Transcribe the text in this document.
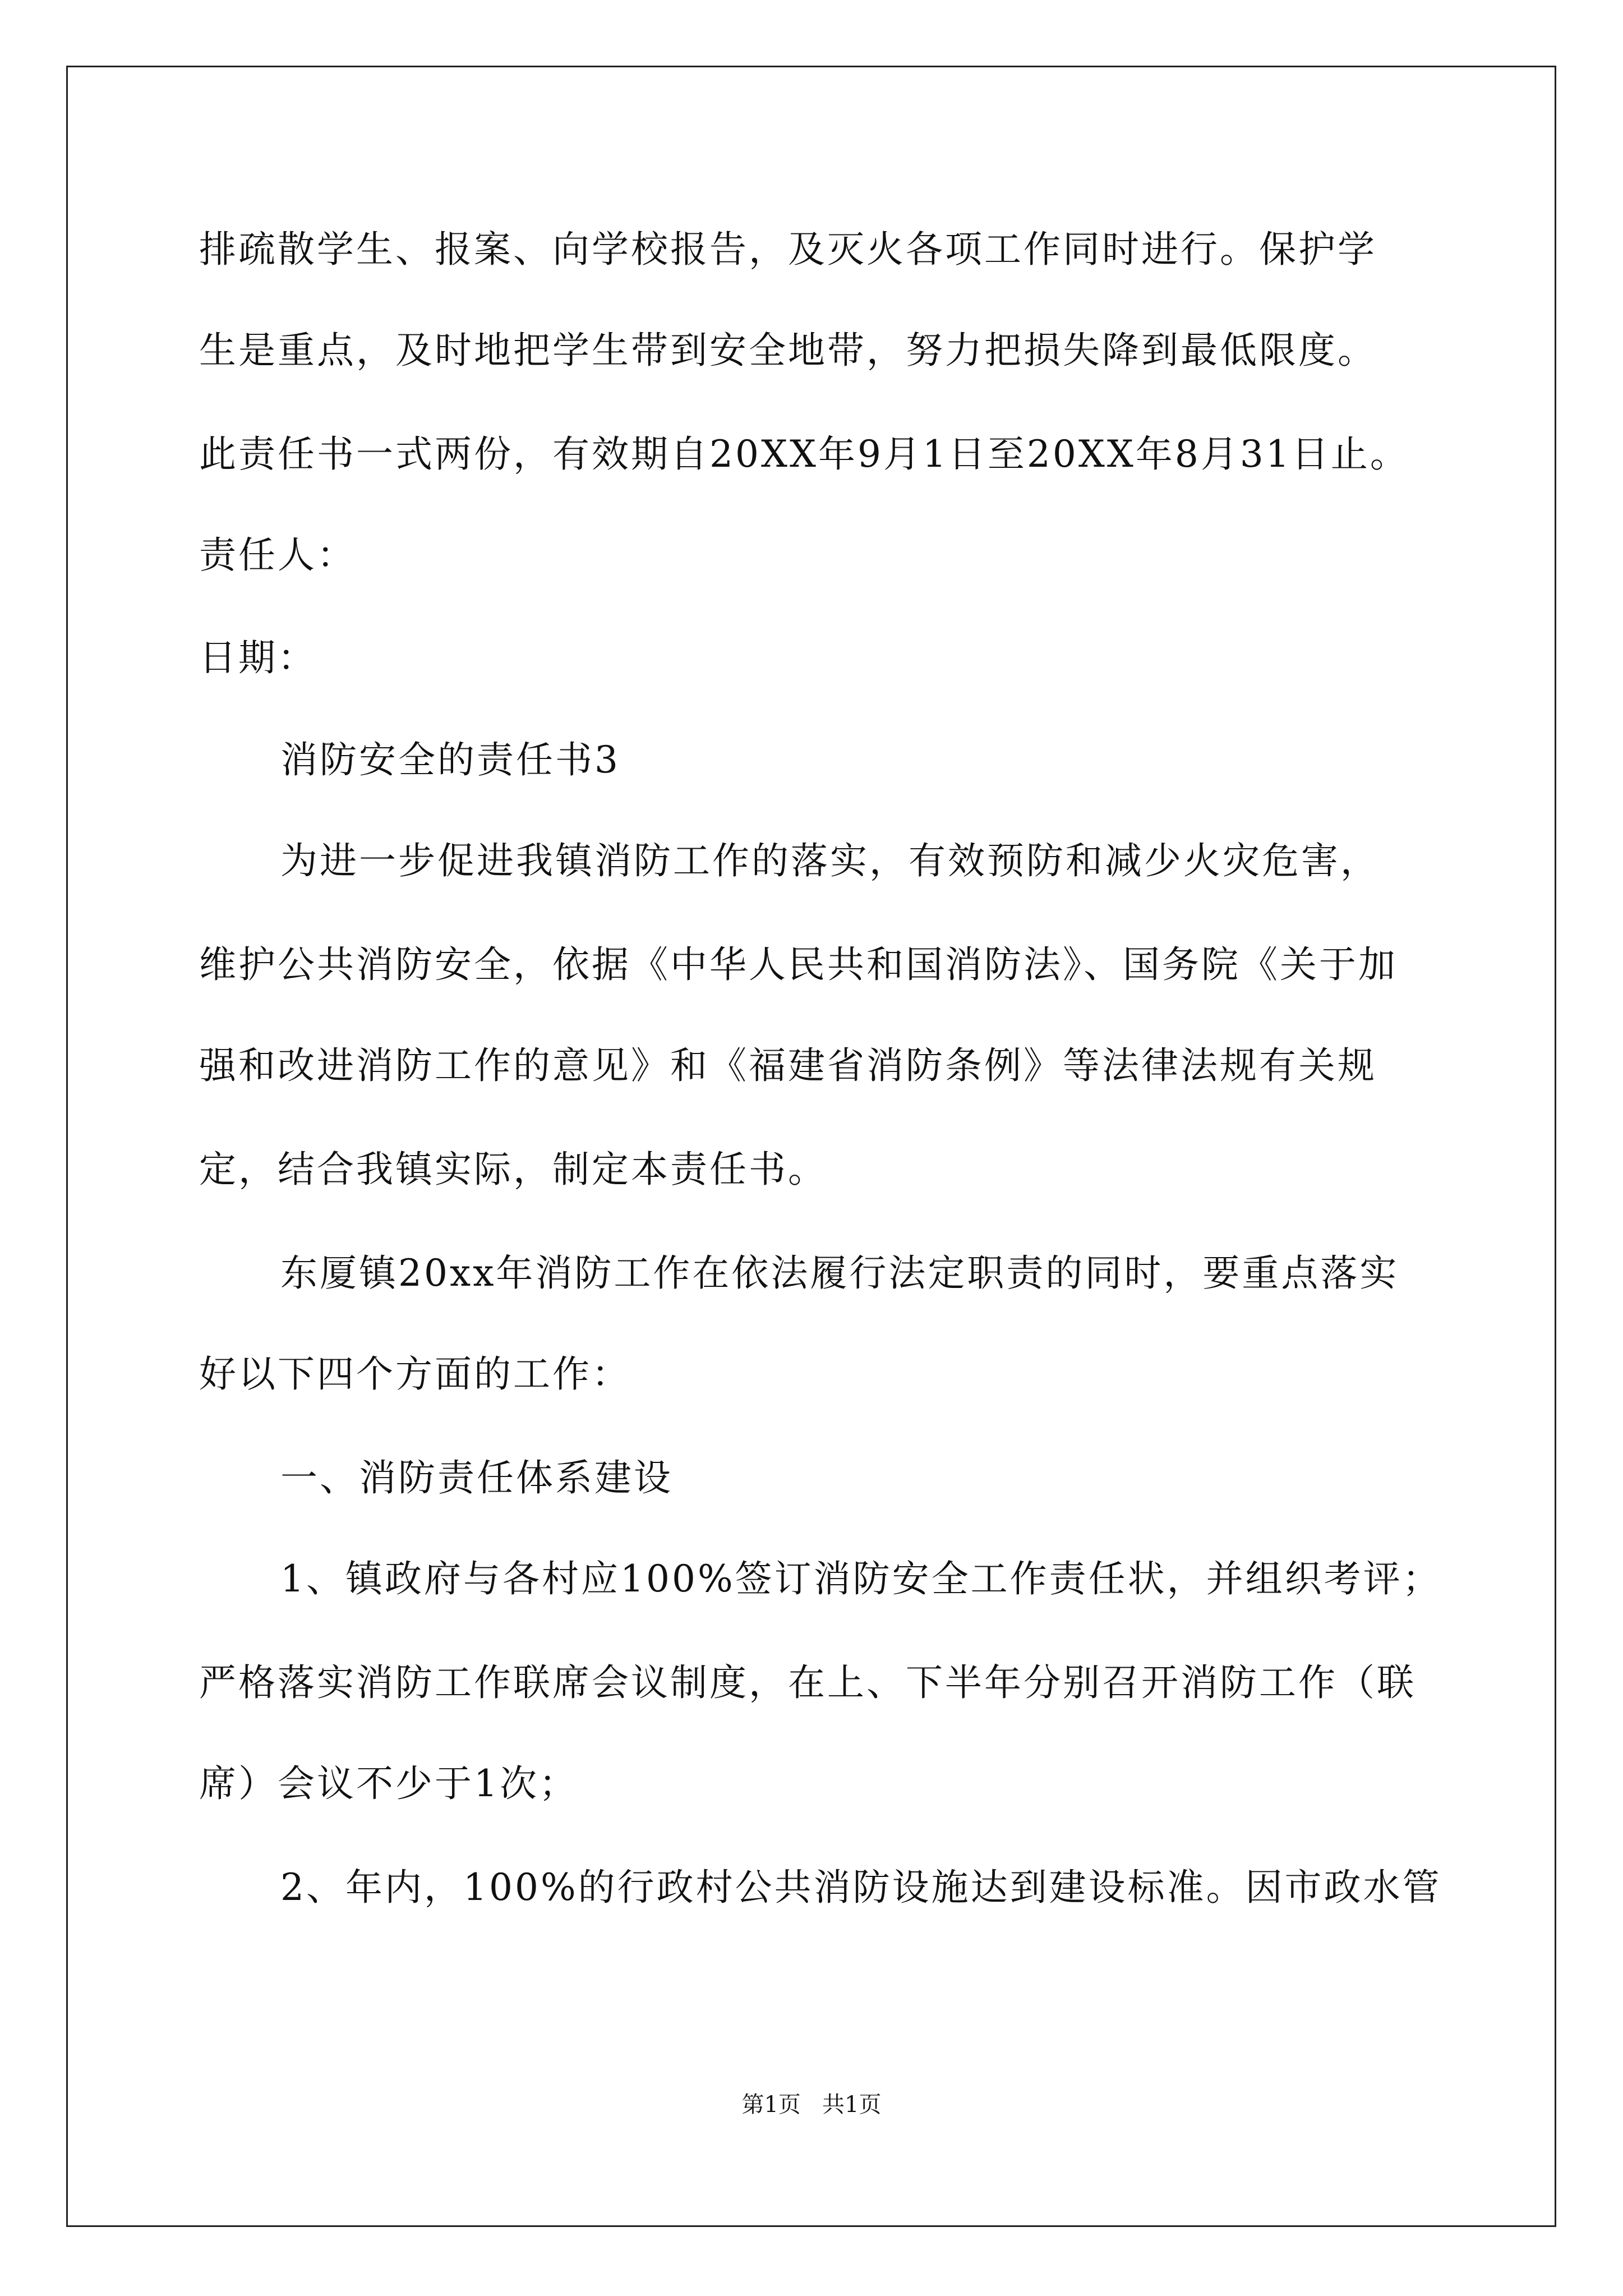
排疏散学生、报案、向学校报告，及灭火各项工作同时进行。保护学
生是重点，及时地把学生带到安全地带，努力把损失降到最低限度。
此责任书一式两份，有效期自20XX年9月1日至20XX年8月31日止。
责任人：
日期：
消防安全的责任书3
为进一步促进我镇消防工作的落实，有效预防和减少火灾危害，
维护公共消防安全，依据《中华人民共和国消防法》、国务院《关于加
强和改进消防工作的意见》和《福建省消防条例》等法律法规有关规
定，结合我镇实际，制定本责任书。
东厦镇20xx年消防工作在依法履行法定职责的同时，要重点落实
好以下四个方面的工作：
一、消防责任体系建设
1、镇政府与各村应100%签订消防安全工作责任状，并组织考评；
严格落实消防工作联席会议制度，在上、下半年分别召开消防工作（联
席）会议不少于1次；
2、年内，100%的行政村公共消防设施达到建设标准。因市政水管
第1页   共1页
